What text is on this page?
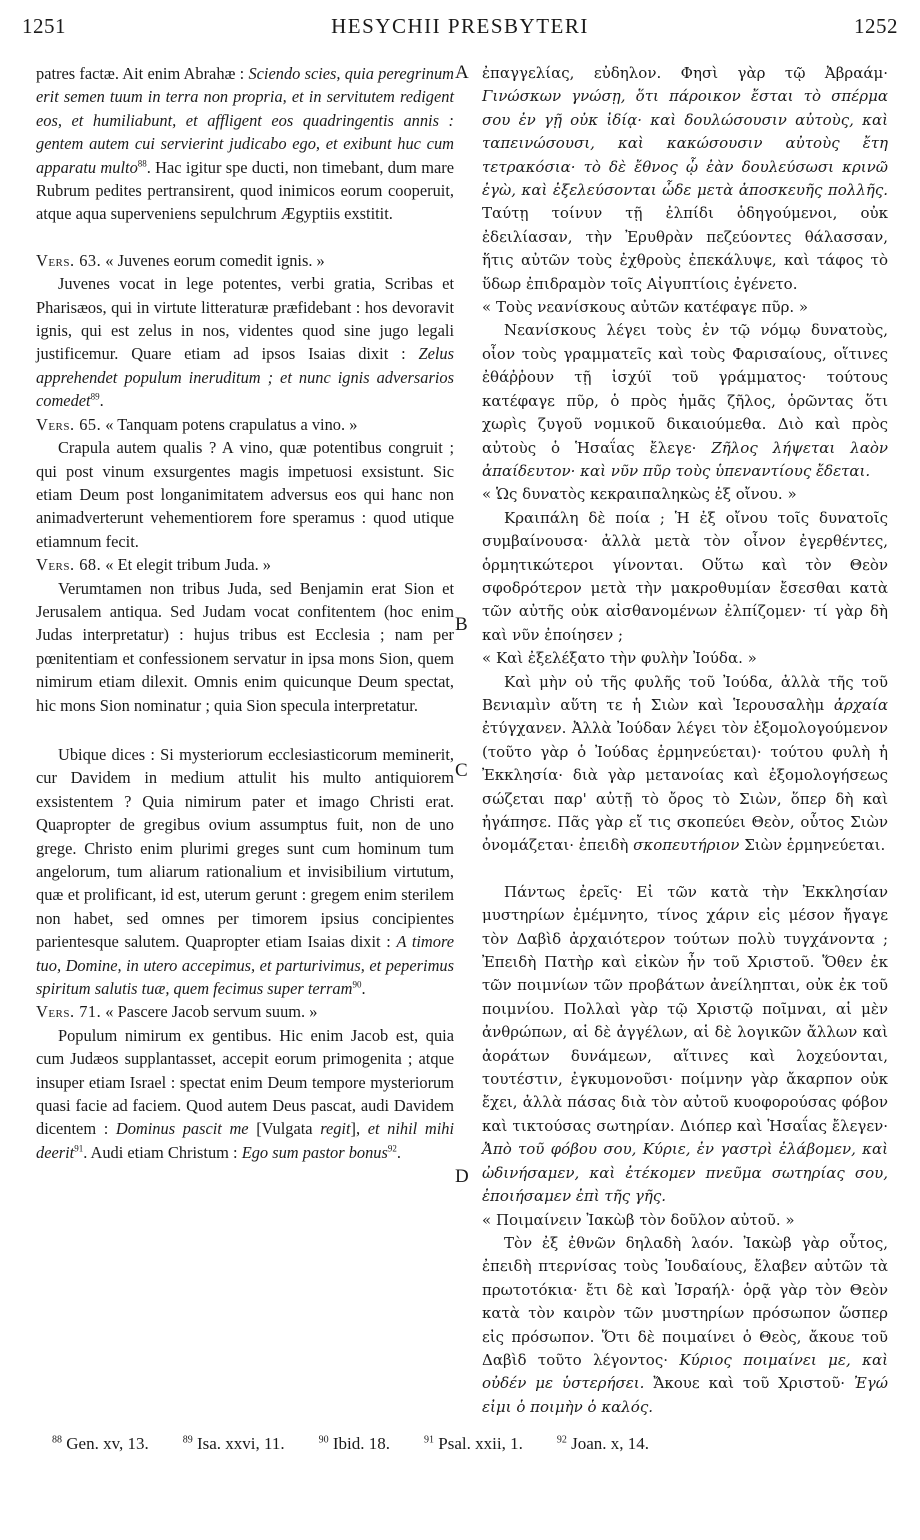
1251	HESYCHII PRESBYTERI	1252
A
B
C
D

patres factæ. Ait enim Abrahæ : Sciendo scies, quia peregrinum erit semen tuum in terra non propria, et in servitutem redigent eos, et humiliabunt, et affligent eos quadringentis annis : gentem autem cui servierint judicabo ego, et exibunt huc cum apparatu multo$^{88}$. Hac igitur spe ducti, non timebant, dum mare Rubrum pedites pertransirent, quod inimicos eorum cooperuit, atque aqua superveniens sepulchrum Ægyptiis exstitit.

Vers. 63. « Juvenes eorum comedit ignis. »

Juvenes vocat in lege potentes, verbi gratia, Scribas et Pharisæos, qui in virtute litteraturæ præfidebant : hos devoravit ignis, qui est zelus in nos, videntes quod sine jugo legali justificemur. Quare etiam ad ipsos Isaias dixit : Zelus apprehendet populum ineruditum ; et nunc ignis adversarios comedet$^{89}$.

Vers. 65. « Tanquam potens crapulatus a vino. »

Crapula autem qualis ? A vino, quæ potentibus congruit ; qui post vinum exsurgentes magis impetuosi exsistunt. Sic etiam Deum post longanimitatem adversus eos qui hanc non animadverterunt vehementiorem fore speramus : quod utique etiamnum fecit.

Vers. 68. « Et elegit tribum Juda. »

Verumtamen non tribus Juda, sed Benjamin erat Sion et Jerusalem antiqua. Sed Judam vocat confitentem (hoc enim Judas interpretatur) : hujus tribus est Ecclesia ; nam per pœnitentiam et confessionem servatur in ipsa mons Sion, quem nimirum etiam dilexit. Omnis enim quicunque Deum spectat, hic mons Sion nominatur ; quia Sion specula interpretatur.

Ubique dices : Si mysteriorum ecclesiasticorum meminerit, cur Davidem in medium attulit his multo antiquiorem exsistentem ? Quia nimirum pater et imago Christi erat. Quapropter de gregibus ovium assumptus fuit, non de uno grege. Christo enim plurimi greges sunt cum hominum tum angelorum, tum aliarum rationalium et invisibilium virtutum, quæ et prolificant, id est, uterum gerunt : gregem enim sterilem non habet, sed omnes per timorem ipsius concipientes parientesque salutem. Quapropter etiam Isaias dixit : A timore tuo, Domine, in utero accepimus, et parturivimus, et peperimus spiritum salutis tuæ, quem fecimus super terram$^{90}$.

Vers. 71. « Pascere Jacob servum suum. »

Populum nimirum ex gentibus. Hic enim Jacob est, quia cum Judæos supplantasset, accepit eorum primogenita ; atque insuper etiam Israel : spectat enim Deum tempore mysteriorum quasi facie ad faciem. Quod autem Deus pascat, audi Davidem dicentem : Dominus pascit me [Vulgata regit], et nihil mihi deerit$^{91}$. Audi etiam Christum : Ego sum pastor bonus$^{92}$.

ἐπαγγελίας, εὐδηλον. Φησὶ γὰρ τῷ Ἀβραάμ· Γινώσκων γνώσῃ, ὅτι πάροικον ἔσται τὸ σπέρμα σου ἐν γῇ οὐκ ἰδίᾳ· καὶ δουλώσουσιν αὐτοὺς, καὶ ταπεινώσουσι, καὶ κακώσουσιν αὐτοὺς ἔτη τετρακόσια· τὸ δὲ ἔθνος ᾧ ἐὰν δουλεύσωσι κρινῶ ἐγὼ, καὶ ἐξελεύσονται ὧδε μετὰ ἀποσκευῆς πολλῆς. Ταύτῃ τοίνυν τῇ ἐλπίδι ὁδηγούμενοι, οὐκ ἐδειλίασαν, τὴν Ἐρυθρὰν πεζεύοντες θάλασσαν, ἥτις αὐτῶν τοὺς ἐχθροὺς ἐπεκάλυψε, καὶ τάφος τὸ ὕδωρ ἐπιδραμὸν τοῖς Αἰγυπτίοις ἐγένετο.

« Τοὺς νεανίσκους αὐτῶν κατέφαγε πῦρ. »

Νεανίσκους λέγει τοὺς ἐν τῷ νόμῳ δυνατοὺς, οἷον τοὺς γραμματεῖς καὶ τοὺς Φαρισαίους, οἵτινες ἐθάῤῥουν τῇ ἰσχύϊ τοῦ γράμματος· τούτους κατέφαγε πῦρ, ὁ πρὸς ἡμᾶς ζῆλος, ὁρῶντας ὅτι χωρὶς ζυγοῦ νομικοῦ δικαιούμεθα. Διὸ καὶ πρὸς αὐτοὺς ὁ Ἡσαΐας ἔλεγε· Ζῆλος λήψεται λαὸν ἀπαίδευτον· καὶ νῦν πῦρ τοὺς ὑπεναντίους ἔδεται.

« Ὡς δυνατὸς κεκραιπαληκὼς ἐξ οἴνου. »

Κραιπάλη δὲ ποία ; Ἡ ἐξ οἴνου τοῖς δυνατοῖς συμβαίνουσα· ἀλλὰ μετὰ τὸν οἶνον ἐγερθέντες, ὁρμητικώτεροι γίνονται. Οὕτω καὶ τὸν Θεὸν σφοδρότερον μετὰ τὴν μακροθυμίαν ἔσεσθαι κατὰ τῶν αὐτῆς οὐκ αἰσθανομένων ἐλπίζομεν· τί γὰρ δὴ καὶ νῦν ἐποίησεν ;

« Καὶ ἐξελέξατο τὴν φυλὴν Ἰούδα. »

Καὶ μὴν οὐ τῆς φυλῆς τοῦ Ἰούδα, ἀλλὰ τῆς τοῦ Βενιαμὶν αὕτη τε ἡ Σιὼν καὶ Ἱερουσαλὴμ ἀρχαία ἐτύγχανεν. Ἀλλὰ Ἰούδαν λέγει τὸν ἐξομολογούμενον (τοῦτο γὰρ ὁ Ἰούδας ἑρμηνεύεται)· τούτου φυλὴ ἡ Ἐκκλησία· διὰ γὰρ μετανοίας καὶ ἐξομολογήσεως σώζεται παρ' αὐτῇ τὸ ὄρος τὸ Σιὼν, ὅπερ δὴ καὶ ἠγάπησε. Πᾶς γὰρ εἴ τις σκοπεύει Θεὸν, οὗτος Σιὼν ὀνομάζεται· ἐπειδὴ σκοπευτήριον Σιὼν ἑρμηνεύεται.

Πάντως ἐρεῖς· Εἰ τῶν κατὰ τὴν Ἐκκλησίαν μυστηρίων ἐμέμνητο, τίνος χάριν εἰς μέσον ἤγαγε τὸν Δαβὶδ ἀρχαιότερον τούτων πολὺ τυγχάνοντα ; Ἐπειδὴ Πατὴρ καὶ εἰκὼν ἦν τοῦ Χριστοῦ. Ὅθεν ἐκ τῶν ποιμνίων τῶν προβάτων ἀνείληπται, οὐκ ἐκ τοῦ ποιμνίου. Πολλαὶ γὰρ τῷ Χριστῷ ποῖμναι, αἱ μὲν ἀνθρώπων, αἱ δὲ ἀγγέλων, αἱ δὲ λογικῶν ἄλλων καὶ ἀοράτων δυνάμεων, αἵτινες καὶ λοχεύονται, τουτέστιν, ἐγκυμονοῦσι· ποίμνην γὰρ ἄκαρπον οὐκ ἔχει, ἀλλὰ πάσας διὰ τὸν αὐτοῦ κυοφορούσας φόβον καὶ τικτούσας σωτηρίαν. Διόπερ καὶ Ἡσαΐας ἔλεγεν· Ἀπὸ τοῦ φόβου σου, Κύριε, ἐν γαστρὶ ἐλάβομεν, καὶ ὠδινήσαμεν, καὶ ἐτέκομεν πνεῦμα σωτηρίας σου, ἐποιήσαμεν ἐπὶ τῆς γῆς.

« Ποιμαίνειν Ἰακὼβ τὸν δοῦλον αὐτοῦ. »

Τὸν ἐξ ἐθνῶν δηλαδὴ λαόν. Ἰακὼβ γὰρ οὗτος, ἐπειδὴ πτερνίσας τοὺς Ἰουδαίους, ἔλαβεν αὐτῶν τὰ πρωτοτόκια· ἔτι δὲ καὶ Ἰσραήλ· ὁρᾷ γὰρ τὸν Θεὸν κατὰ τὸν καιρὸν τῶν μυστηρίων πρόσωπον ὥσπερ εἰς πρόσωπον. Ὅτι δὲ ποιμαίνει ὁ Θεὸς, ἄκουε τοῦ Δαβὶδ τοῦτο λέγοντος· Κύριος ποιμαίνει με, καὶ οὐδέν με ὑστερήσει. Ἄκουε καὶ τοῦ Χριστοῦ· Ἐγώ εἰμι ὁ ποιμὴν ὁ καλός.

$^{88}$ Gen. xv, 13.	$^{89}$ Isa. xxvi, 11.	$^{90}$ Ibid. 18.	$^{91}$ Psal. xxii, 1.	$^{92}$ Joan. x, 14.
